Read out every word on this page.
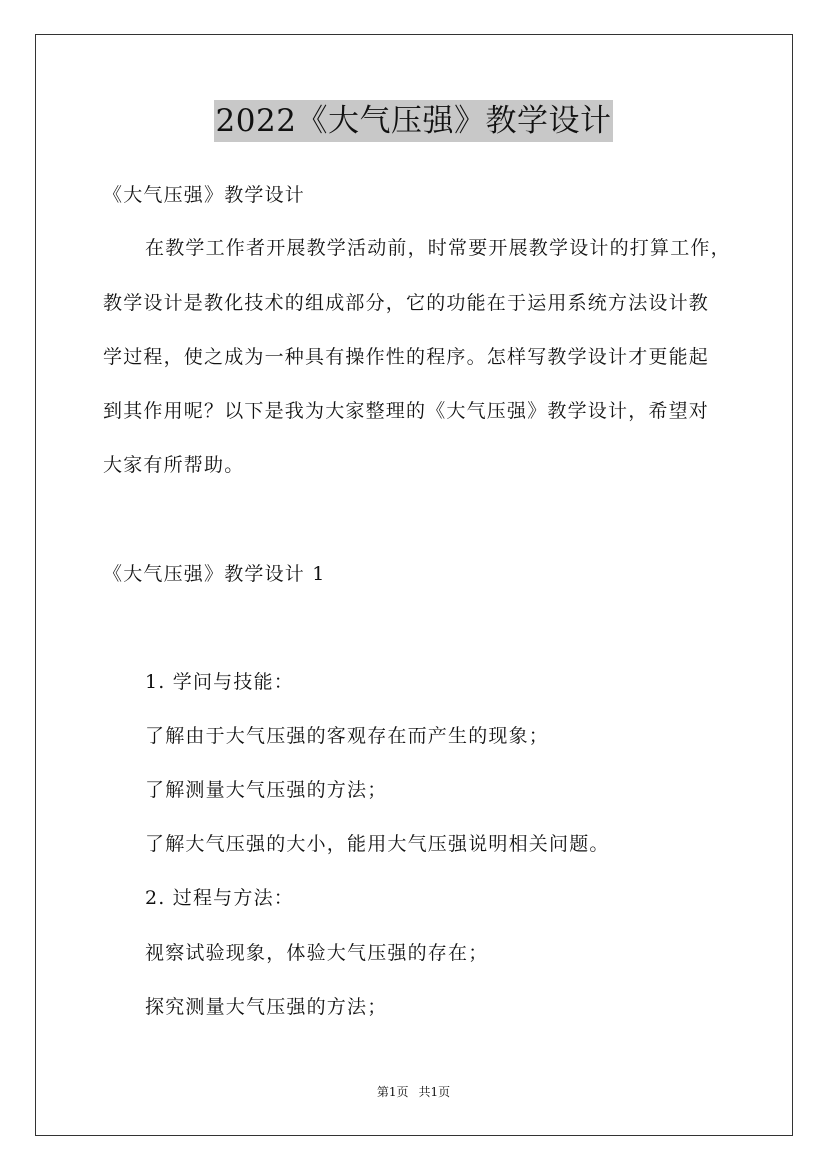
2022《大气压强》教学设计
《大气压强》教学设计
在教学工作者开展教学活动前，时常要开展教学设计的打算工作，
教学设计是教化技术的组成部分，它的功能在于运用系统方法设计教
学过程，使之成为一种具有操作性的程序。怎样写教学设计才更能起
到其作用呢？以下是我为大家整理的《大气压强》教学设计，希望对
大家有所帮助。
《大气压强》教学设计 1
1. 学问与技能：
了解由于大气压强的客观存在而产生的现象；
了解测量大气压强的方法；
了解大气压强的大小，能用大气压强说明相关问题。
2. 过程与方法：
视察试验现象，体验大气压强的存在；
探究测量大气压强的方法；
第1页 共1页
